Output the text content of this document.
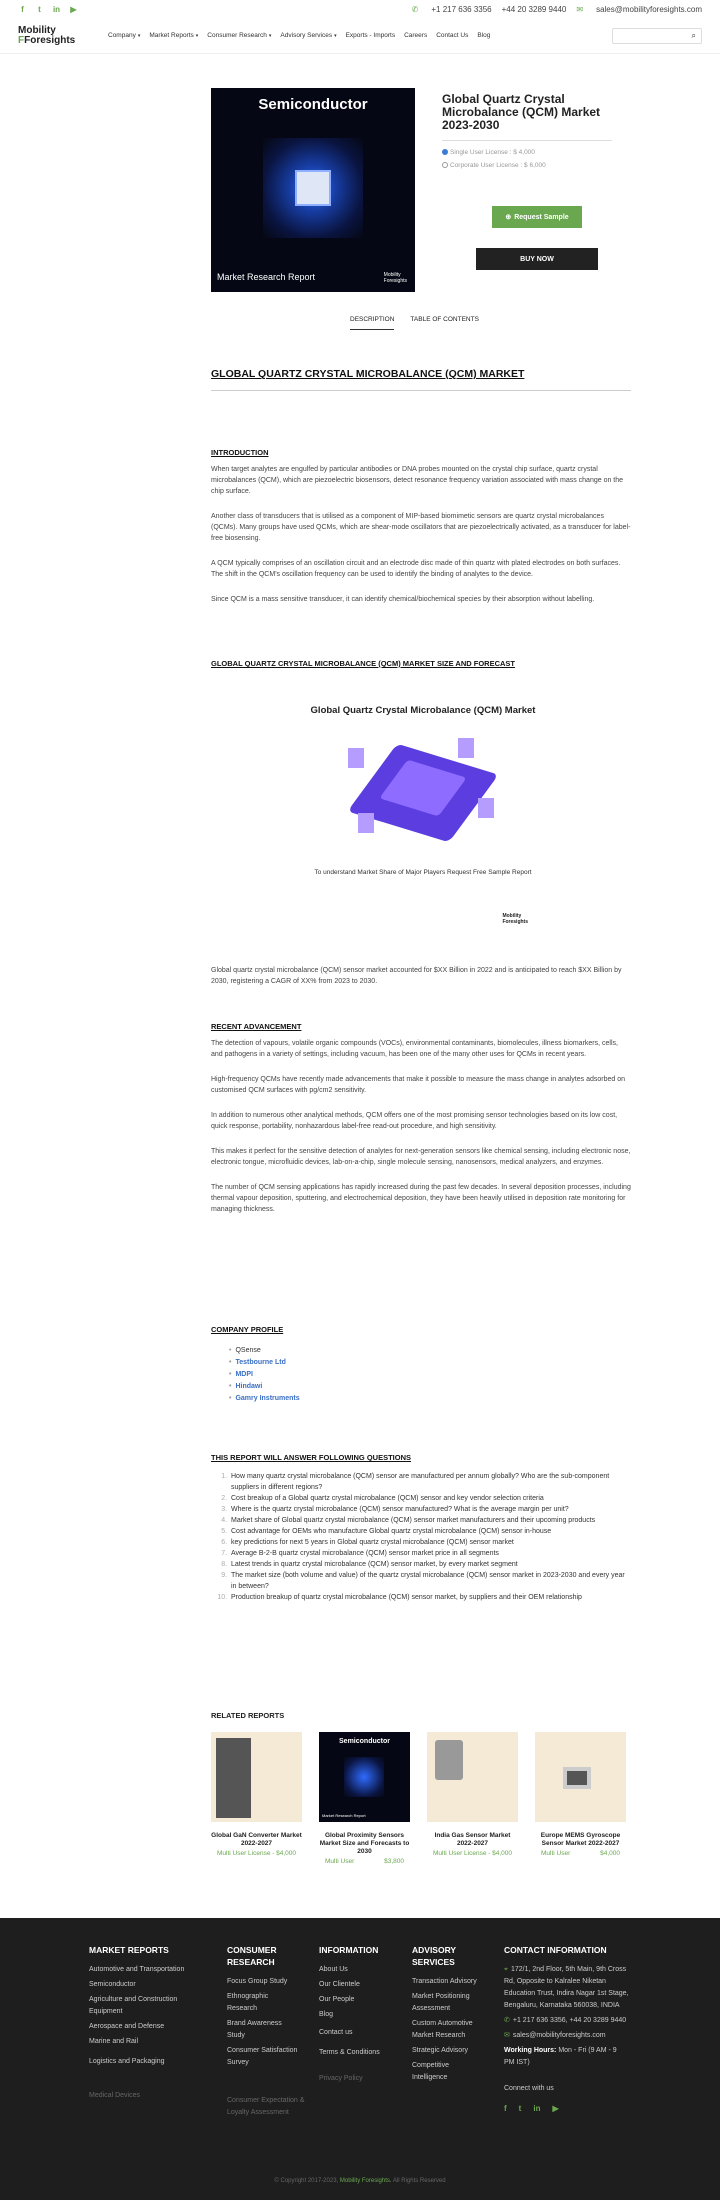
f	t	in ▶	✆ +1 217 636 3356 +44 20 3289 9440 ✉ sales@mobilityforesights.com
Mobility
FForesights	Company ▾ Market Reports ▾ Consumer Research ▾ Advisory Services ▾ Exports - Imports Careers Contact Us Blog	⌕
Semiconductor
Market Research Report	Mobility
Foresights
Global Quartz Crystal Microbalance (QCM) Market 2023-2030
Single User License : $ 4,000
Corporate User License : $ 6,000
⊕ Request Sample
BUY NOW
DESCRIPTION TABLE OF CONTENTS
GLOBAL QUARTZ CRYSTAL MICROBALANCE (QCM) MARKET
INTRODUCTION

When target analytes are engulfed by particular antibodies or DNA probes mounted on the crystal chip surface, quartz crystal microbalances (QCM), which are piezoelectric biosensors, detect resonance frequency variation associated with mass change on the chip surface.

Another class of transducers that is utilised as a component of MIP-based biomimetic sensors are quartz crystal microbalances (QCMs). Many groups have used QCMs, which are shear-mode oscillators that are piezoelectrically activated, as a transducer for label-free biosensing.

A QCM typically comprises of an oscillation circuit and an electrode disc made of thin quartz with plated electrodes on both surfaces. The shift in the QCM's oscillation frequency can be used to identify the binding of analytes to the device.

Since QCM is a mass sensitive transducer, it can identify chemical/biochemical species by their absorption without labelling.

GLOBAL QUARTZ CRYSTAL MICROBALANCE (QCM) MARKET SIZE AND FORECAST
Global Quartz Crystal Microbalance (QCM) Market
To understand Market Share of Major Players Request Free Sample Report
Mobility
Foresights

Global quartz crystal microbalance (QCM) sensor market accounted for $XX Billion in 2022 and is anticipated to reach $XX Billion by 2030, registering a CAGR of XX% from 2023 to 2030.

RECENT ADVANCEMENT

The detection of vapours, volatile organic compounds (VOCs), environmental contaminants, biomolecules, illness biomarkers, cells, and pathogens in a variety of settings, including vacuum, has been one of the many other uses for QCMs in recent years.

High-frequency QCMs have recently made advancements that make it possible to measure the mass change in analytes adsorbed on customised QCM surfaces with pg/cm2 sensitivity.

In addition to numerous other analytical methods, QCM offers one of the most promising sensor technologies based on its low cost, quick response, portability, nonhazardous label-free read-out procedure, and high sensitivity.

This makes it perfect for the sensitive detection of analytes for next-generation sensors like chemical sensing, including electronic nose, electronic tongue, microfluidic devices, lab-on-a-chip, single molecule sensing, nanosensors, medical analyzers, and enzymes.

The number of QCM sensing applications has rapidly increased during the past few decades. In several deposition processes, including thermal vapour deposition, sputtering, and electrochemical deposition, they have been heavily utilised in deposition rate monitoring for managing thickness.

COMPANY PROFILE
• QSense
• Testbourne Ltd
• MDPI
• Hindawi
• Gamry Instruments
THIS REPORT WILL ANSWER FOLLOWING QUESTIONS
1. How many quartz crystal microbalance (QCM) sensor are manufactured per annum globally? Who are the sub-component suppliers in different regions?
2. Cost breakup of a Global quartz crystal microbalance (QCM) sensor and key vendor selection criteria
3. Where is the quartz crystal microbalance (QCM) sensor manufactured? What is the average margin per unit?
4. Market share of Global quartz crystal microbalance (QCM) sensor market manufacturers and their upcoming products
5. Cost advantage for OEMs who manufacture Global quartz crystal microbalance (QCM) sensor in-house
6. key predictions for next 5 years in Global quartz crystal microbalance (QCM) sensor market
7. Average B-2-B quartz crystal microbalance (QCM) sensor market price in all segments
8. Latest trends in quartz crystal microbalance (QCM) sensor market, by every market segment
9. The market size (both volume and value) of the quartz crystal microbalance (QCM) sensor market in 2023-2030 and every year in between?
10. Production breakup of quartz crystal microbalance (QCM) sensor market, by suppliers and their OEM relationship
RELATED REPORTS
Global GaN Converter Market 2022-2027
Multi User License - $4,000
Semiconductor
Market Research Report
Global Proximity Sensors Market Size and Forecasts to 2030
Multi User	$3,800
India Gas Sensor Market 2022-2027
Multi User License - $4,000
Europe MEMS Gyroscope Sensor Market 2022-2027
Multi User	$4,000
MARKET REPORTS
Automotive and Transportation
Semiconductor
Agriculture and Construction Equipment
Aerospace and Defense
Marine and Rail
Logistics and Packaging
Medical Devices
CONSUMER RESEARCH
Focus Group Study
Ethnographic Research
Brand Awareness Study
Consumer Satisfaction Survey
Consumer Expectation & Loyalty Assessment
INFORMATION
About Us
Our Clientele
Our People
Blog
Contact us
Terms & Conditions
Privacy Policy
ADVISORY SERVICES
Transaction Advisory
Market Positioning Assessment
Custom Automotive Market Research
Strategic Advisory
Competitive Intelligence
CONTACT INFORMATION
⌖ 172/1, 2nd Floor, 5th Main, 9th Cross Rd, Opposite to Kalralee Niketan Education Trust, Indira Nagar 1st Stage, Bengaluru, Karnataka 560038, INDIA
✆ +1 217 636 3356, +44 20 3289 9440
✉ sales@mobilityforesights.com
Working Hours: Mon - Fri (9 AM - 9 PM IST)
Connect with us
f t in ▶
© Copyright 2017-2023, Mobility Foresights. All Rights Reserved
